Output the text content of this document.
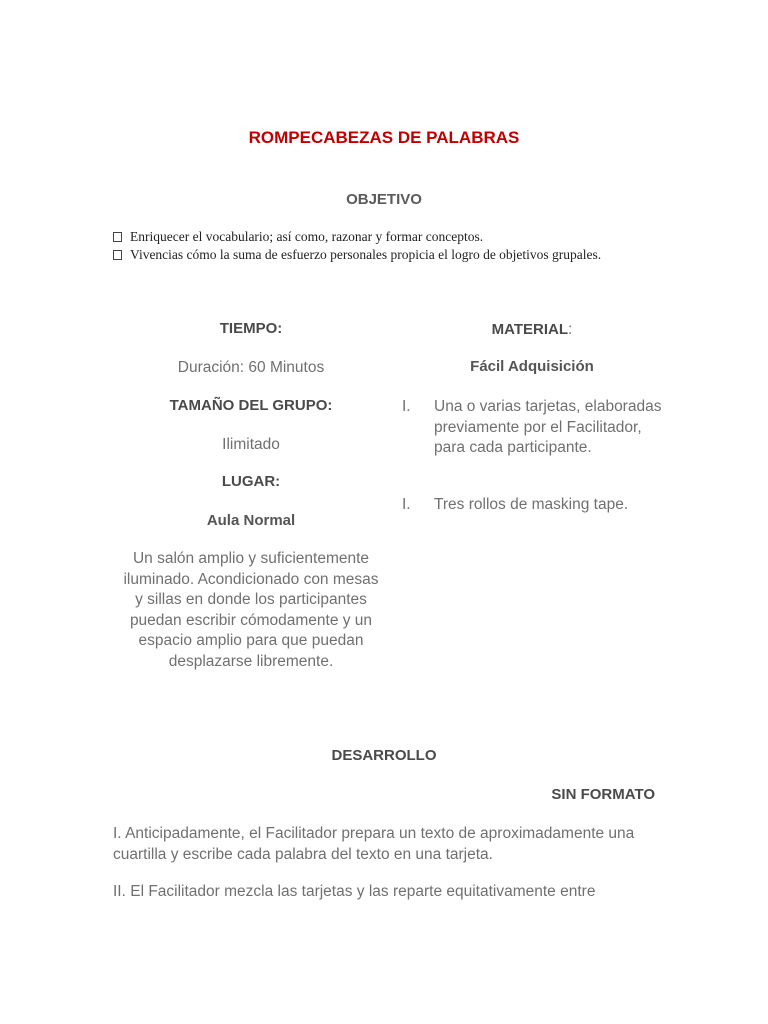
ROMPECABEZAS DE PALABRAS
OBJETIVO
Enriquecer el vocabulario; así como, razonar y formar conceptos.
Vivencias cómo la suma de esfuerzo personales propicia el logro de objetivos grupales.
TIEMPO:
Duración: 60 Minutos
TAMAÑO DEL GRUPO:
Ilimitado
LUGAR:
Aula Normal
Un salón amplio y suficientemente iluminado. Acondicionado con mesas y sillas en donde los participantes puedan escribir cómodamente y un espacio amplio para que puedan desplazarse libremente.
MATERIAL:
Fácil Adquisición
I. Una o varias tarjetas, elaboradas previamente por el Facilitador, para cada participante.
I. Tres rollos de masking tape.
DESARROLLO
SIN FORMATO
I. Anticipadamente, el Facilitador prepara un texto de aproximadamente una cuartilla y escribe cada palabra del texto en una tarjeta.
II. El Facilitador mezcla las tarjetas y las reparte equitativamente entre
